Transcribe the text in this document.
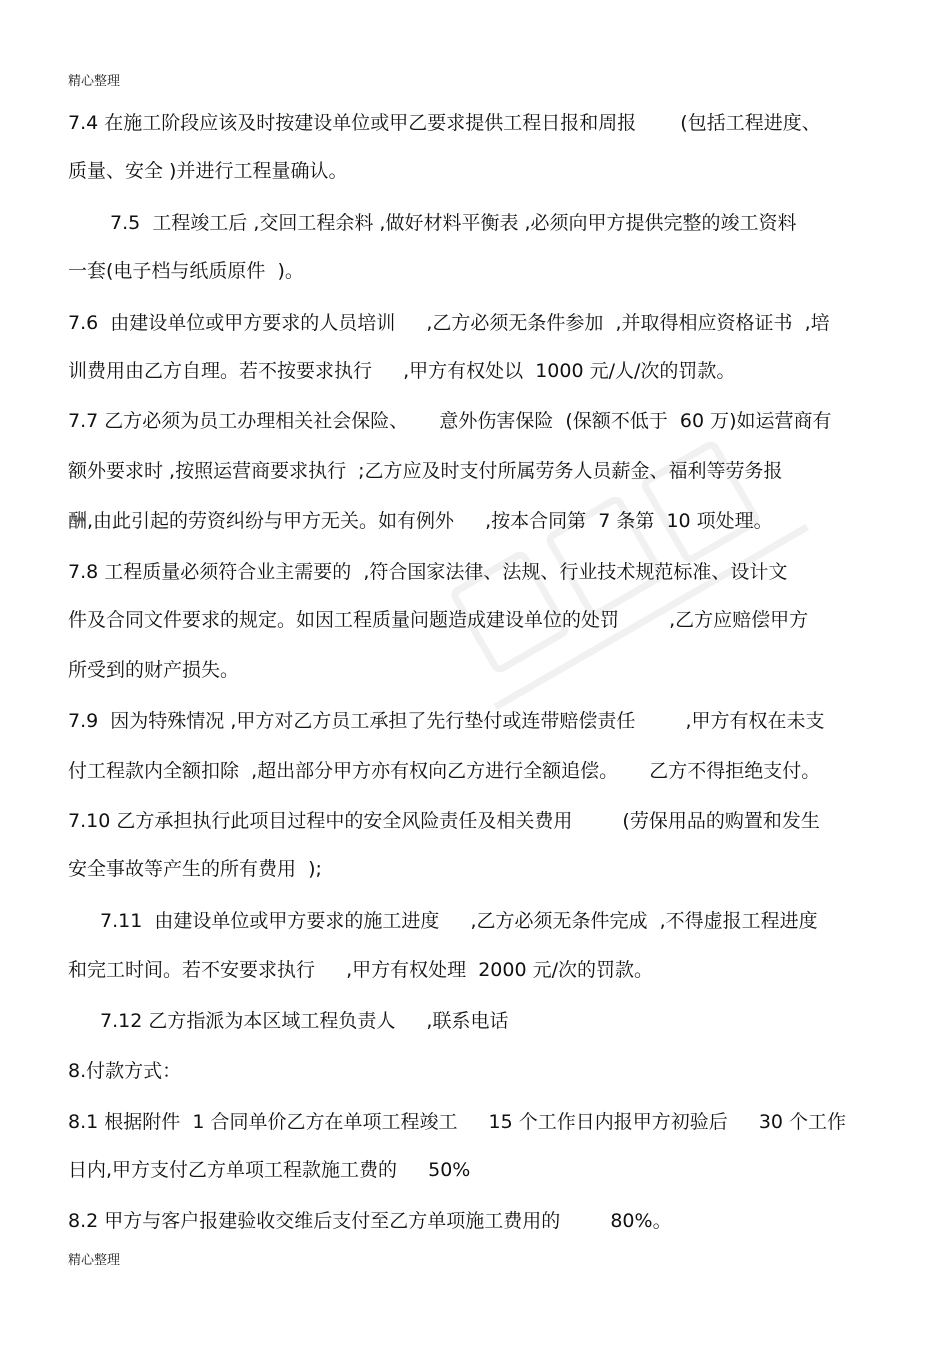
精心整理
7.4 在施工阶段应该及时按建设单位或甲乙要求提供工程日报和周报 　　(包括工程进度、
质量、安全 )并进行工程量确认。
7.5  工程竣工后 ,交回工程余料 ,做好材料平衡表 ,必须向甲方提供完整的竣工资料
一套(电子档与纸质原件  )。
7.6  由建设单位或甲方要求的人员培训  　,乙方必须无条件参加  ,并取得相应资格证书  ,培
训费用由乙方自理。若不按要求执行  　,甲方有权处以  1000 元/人/次的罚款。
7.7 乙方必须为员工办理相关社会保险、  　意外伤害保险  (保额不低于  60 万)如运营商有
额外要求时 ,按照运营商要求执行  ;乙方应及时支付所属劳务人员薪金、福利等劳务报
酬,由此引起的劳资纠纷与甲方无关。如有例外  　,按本合同第  7 条第  10 项处理。
7.8 工程质量必须符合业主需要的  ,符合国家法律、法规、行业技术规范标准、设计文
件及合同文件要求的规定。如因工程质量问题造成建设单位的处罚  　　,乙方应赔偿甲方
所受到的财产损失。
7.9  因为特殊情况 ,甲方对乙方员工承担了先行垫付或连带赔偿责任  　　,甲方有权在未支
付工程款内全额扣除  ,超出部分甲方亦有权向乙方进行全额追偿。  　乙方不得拒绝支付。
7.10 乙方承担执行此项目过程中的安全风险责任及相关费用  　　(劳保用品的购置和发生
安全事故等产生的所有费用  );
7.11  由建设单位或甲方要求的施工进度  　,乙方必须无条件完成  ,不得虚报工程进度
和完工时间。若不安要求执行  　,甲方有权处理  2000 元/次的罚款。
7.12 乙方指派为本区域工程负责人  　,联系电话
8.付款方式：
8.1 根据附件  1 合同单价乙方在单项工程竣工  　15 个工作日内报甲方初验后  　30 个工作
日内,甲方支付乙方单项工程款施工费的  　50%
8.2 甲方与客户报建验收交维后支付至乙方单项施工费用的  　　80%。
精心整理
